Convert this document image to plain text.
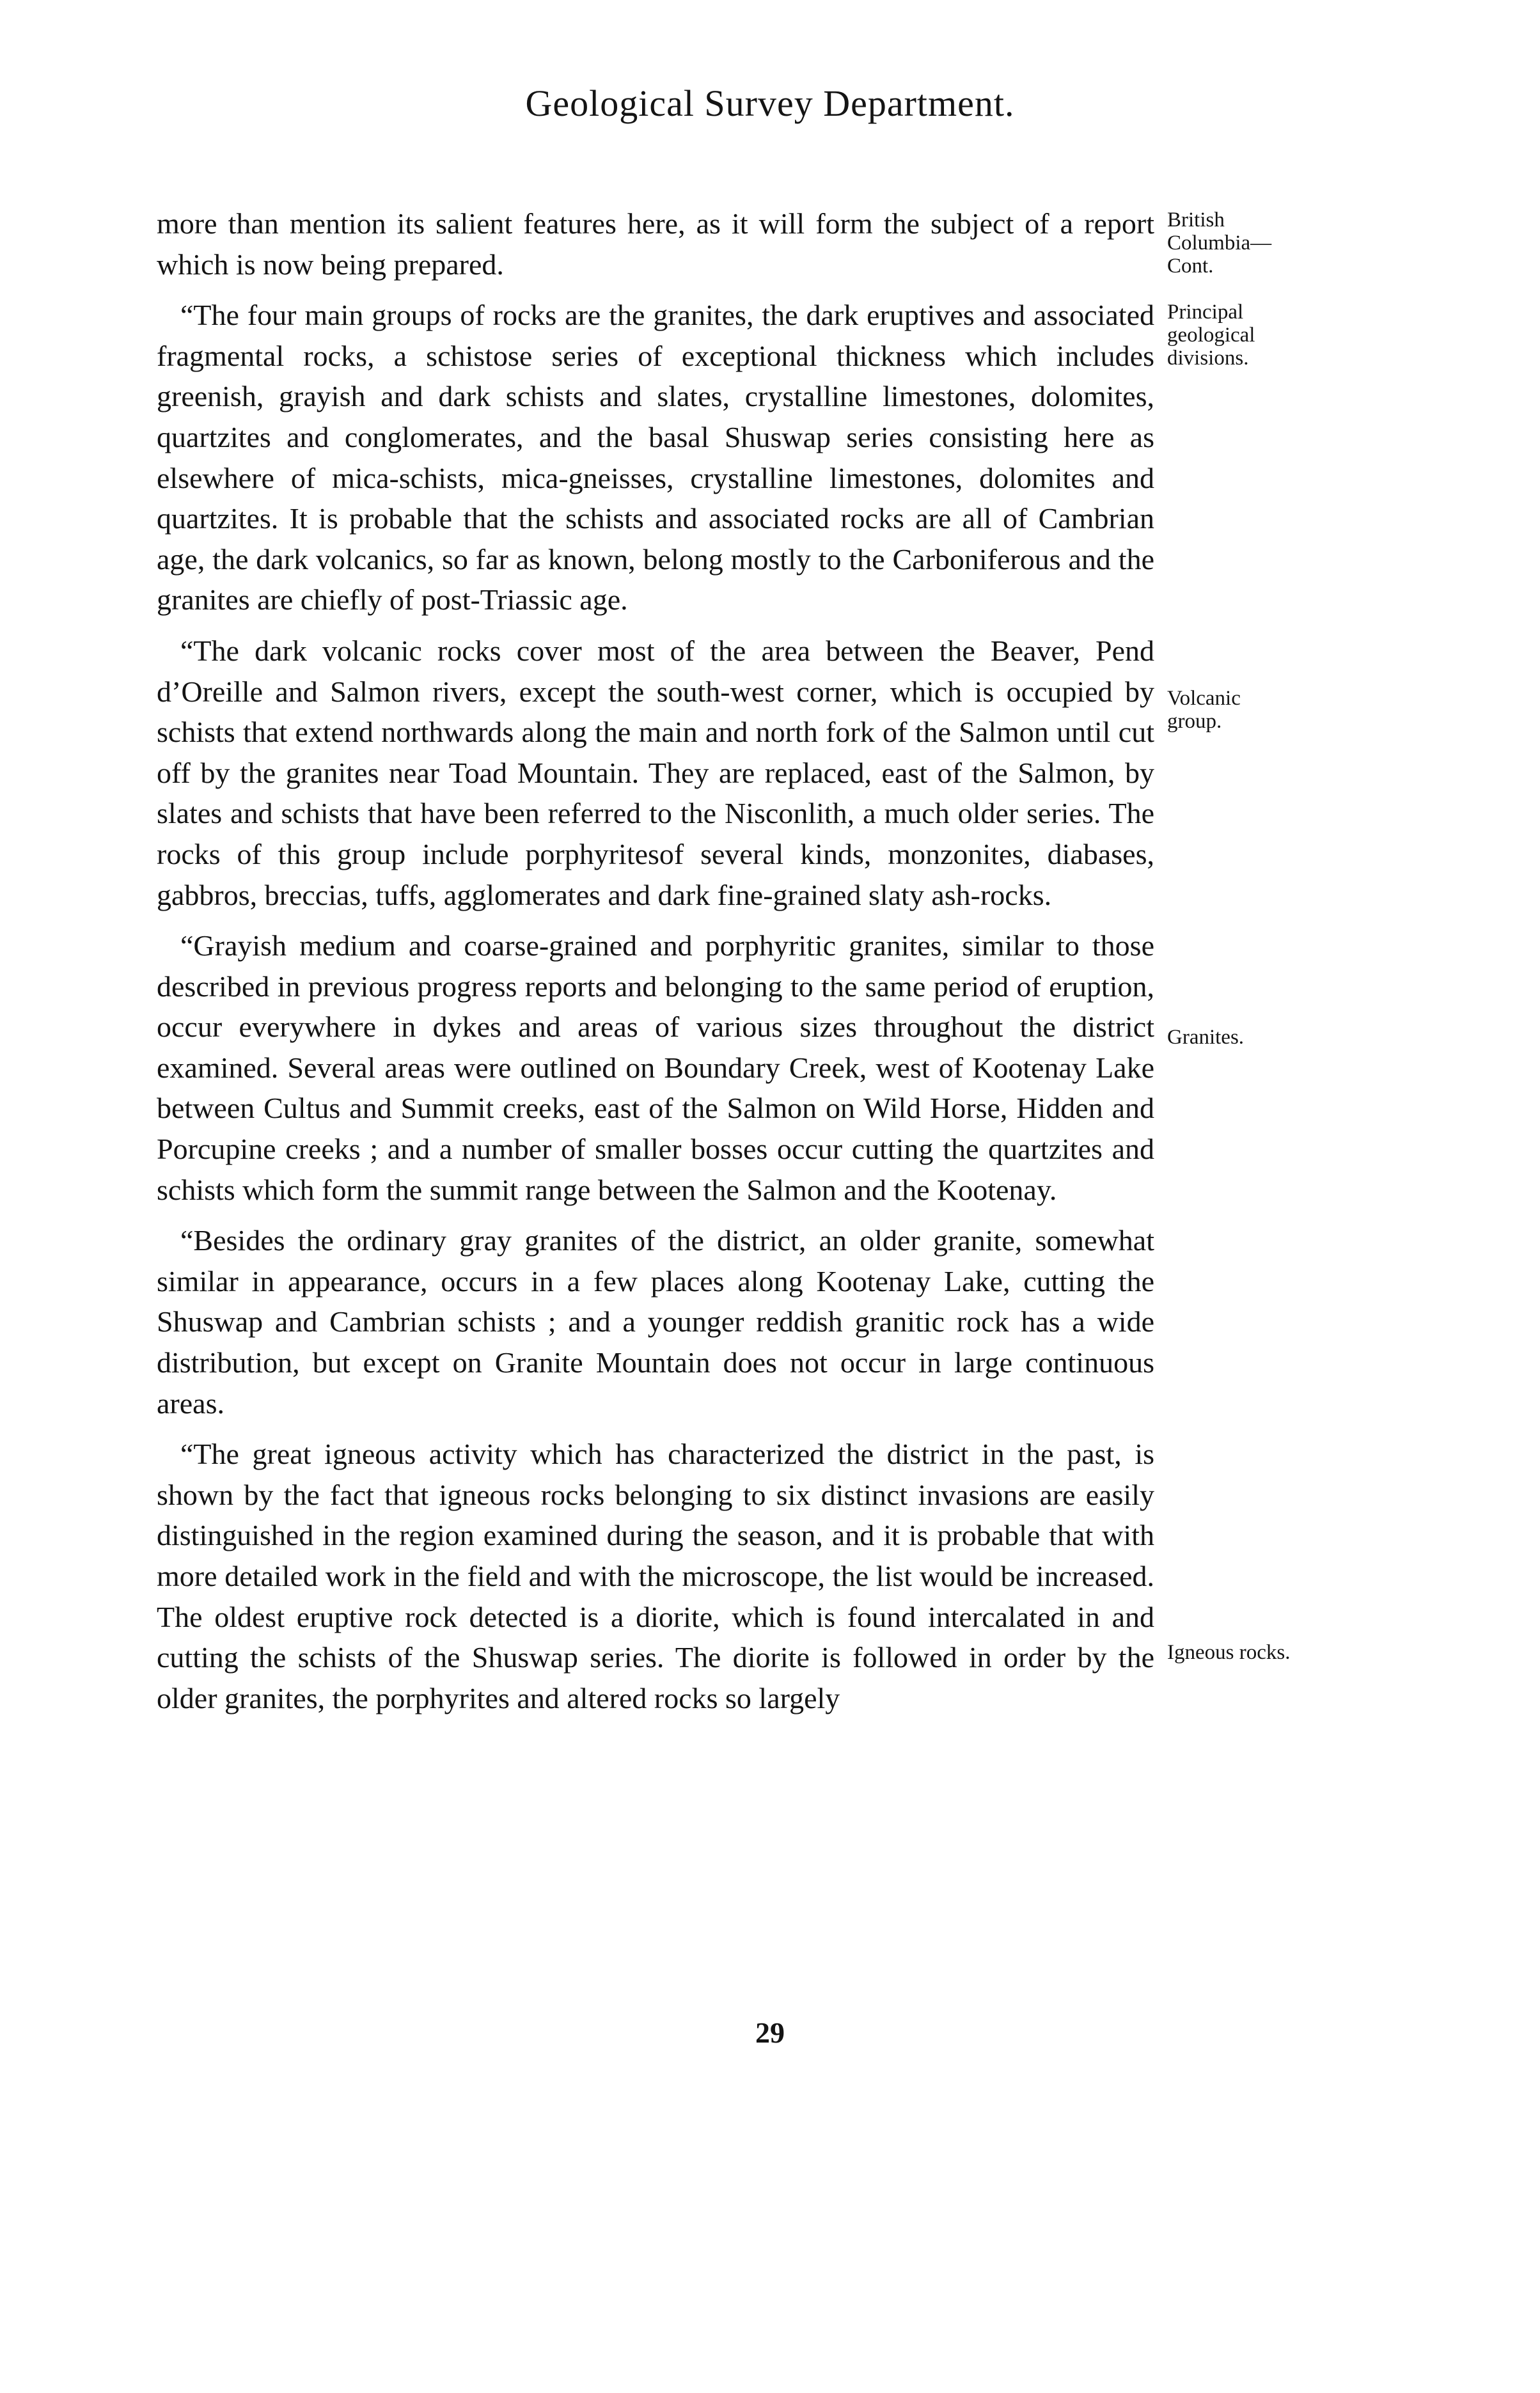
Geological Survey Department.

more than mention its salient features here, as it will form the subject of a report which is now being prepared.

“The four main groups of rocks are the granites, the dark eruptives and associated fragmental rocks, a schistose series of exceptional thickness which includes greenish, grayish and dark schists and slates, crystalline limestones, dolomites, quartzites and conglomerates, and the basal Shuswap series consisting here as elsewhere of mica-schists, mica-gneisses, crystalline limestones, dolomites and quartzites. It is probable that the schists and associated rocks are all of Cambrian age, the dark volcanics, so far as known, belong mostly to the Carboniferous and the granites are chiefly of post-Triassic age.

“The dark volcanic rocks cover most of the area between the Beaver, Pend d’Oreille and Salmon rivers, except the south-west corner, which is occupied by schists that extend northwards along the main and north fork of the Salmon until cut off by the granites near Toad Mountain. They are replaced, east of the Salmon, by slates and schists that have been referred to the Nisconlith, a much older series. The rocks of this group include porphyritesof several kinds, monzonites, diabases, gabbros, breccias, tuffs, agglomerates and dark fine-grained slaty ash-rocks.

“Grayish medium and coarse-grained and porphyritic granites, similar to those described in previous progress reports and belonging to the same period of eruption, occur everywhere in dykes and areas of various sizes throughout the district examined. Several areas were outlined on Boundary Creek, west of Kootenay Lake between Cultus and Summit creeks, east of the Salmon on Wild Horse, Hidden and Porcupine creeks ; and a number of smaller bosses occur cutting the quartzites and schists which form the summit range between the Salmon and the Kootenay.

“Besides the ordinary gray granites of the district, an older granite, somewhat similar in appearance, occurs in a few places along Kootenay Lake, cutting the Shuswap and Cambrian schists ; and a younger reddish granitic rock has a wide distribution, but except on Granite Mountain does not occur in large continuous areas.

“The great igneous activity which has characterized the district in the past, is shown by the fact that igneous rocks belonging to six distinct invasions are easily distinguished in the region examined during the season, and it is probable that with more detailed work in the field and with the microscope, the list would be increased. The oldest eruptive rock detected is a diorite, which is found intercalated in and cutting the schists of the Shuswap series. The diorite is followed in order by the older granites, the porphyrites and altered rocks so largely

British Columbia—Cont.
Principal geological divisions.
Volcanic group.
Granites.
Igneous rocks.
29
